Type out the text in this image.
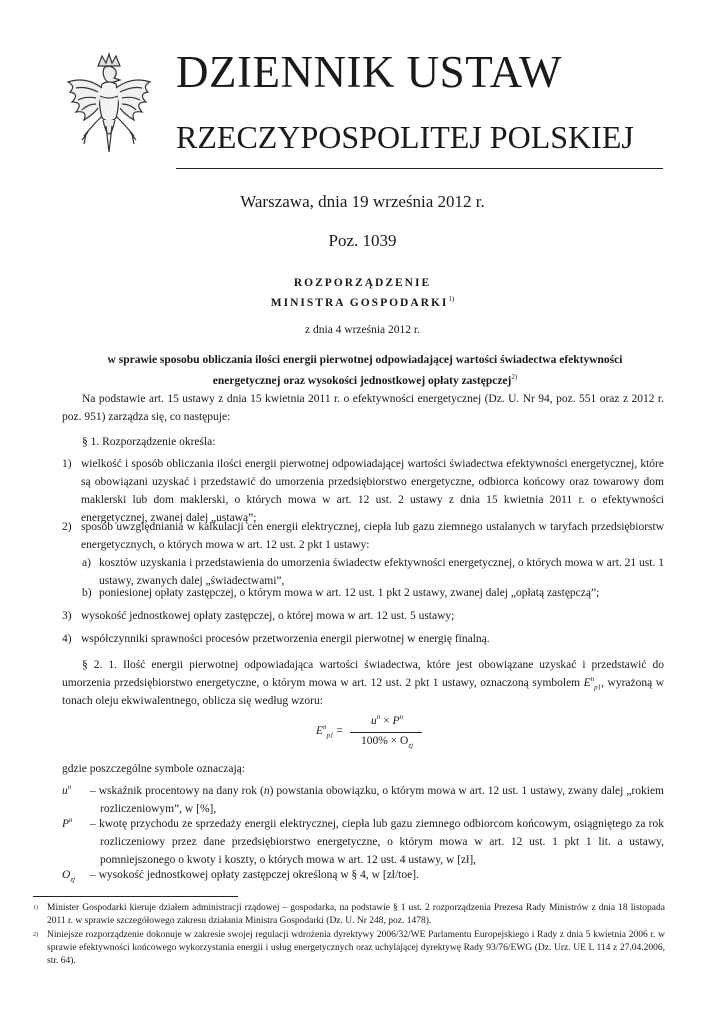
DZIENNIK USTAW
RZECZYPOSPOLITEJ POLSKIEJ
Warszawa, dnia 19 września 2012 r.
Poz. 1039
ROZPORZĄDZENIE
MINISTRA GOSPODARKI$^{1)}$
z dnia 4 września 2012 r.
w sprawie sposobu obliczania ilości energii pierwotnej odpowiadającej wartości świadectwa efektywności
energetycznej oraz wysokości jednostkowej opłaty zastępczej$^{2)}$
Na podstawie art. 15 ustawy z dnia 15 kwietnia 2011 r. o efektywności energetycznej (Dz. U. Nr 94, poz. 551 oraz z 2012 r. poz. 951) zarządza się, co następuje:
§ 1. Rozporządzenie określa:
1) wielkość i sposób obliczania ilości energii pierwotnej odpowiadającej wartości świadectwa efektywności energetycznej, które są obowiązani uzyskać i przedstawić do umorzenia przedsiębiorstwo energetyczne, odbiorca końcowy oraz towarowy dom maklerski lub dom maklerski, o których mowa w art. 12 ust. 2 ustawy z dnia 15 kwietnia 2011 r. o efektywności energetycznej, zwanej dalej „ustawą”;
2) sposób uwzględniania w kalkulacji cen energii elektrycznej, ciepła lub gazu ziemnego ustalanych w taryfach przedsiębiorstw energetycznych, o których mowa w art. 12 ust. 2 pkt 1 ustawy:
a) kosztów uzyskania i przedstawienia do umorzenia świadectw efektywności energetycznej, o których mowa w art. 21 ust. 1 ustawy, zwanych dalej „świadectwami”,
b) poniesionej opłaty zastępczej, o którym mowa w art. 12 ust. 1 pkt 2 ustawy, zwanej dalej „opłatą zastępczą”;
3) wysokość jednostkowej opłaty zastępczej, o której mowa w art. 12 ust. 5 ustawy;
4) współczynniki sprawności procesów przetworzenia energii pierwotnej w energię finalną.
§ 2. 1. Ilość energii pierwotnej odpowiadająca wartości świadectwa, które jest obowiązane uzyskać i przedstawić do umorzenia przedsiębiorstwo energetyczne, o którym mowa w art. 12 ust. 2 pkt 1 ustawy, oznaczoną symbolem $E^n_{p1}$, wyrażoną w tonach oleju ekwiwalentnego, oblicza się według wzoru:
$E^n_{p1}$ =
$u^n \times P^n$
$100\% \times O_{zj}$
gdzie poszczególne symbole oznaczają:
$u^n$ – wskaźnik procentowy na dany rok (n) powstania obowiązku, o którym mowa w art. 12 ust. 1 ustawy, zwany dalej „rokiem rozliczeniowym”, w [%],
$P^n$ – kwotę przychodu ze sprzedaży energii elektrycznej, ciepła lub gazu ziemnego odbiorcom końcowym, osiągniętego za rok rozliczeniowy przez dane przedsiębiorstwo energetyczne, o którym mowa w art. 12 ust. 1 pkt 1 lit. a ustawy, pomniejszonego o kwoty i koszty, o których mowa w art. 12 ust. 4 ustawy, w [zł],
$O_{zj}$ – wysokość jednostkowej opłaty zastępczej określoną w § 4, w [zł/toe].
1) Minister Gospodarki kieruje działem administracji rządowej – gospodarka, na podstawie § 1 ust. 2 rozporządzenia Prezesa Rady Ministrów z dnia 18 listopada 2011 r. w sprawie szczegółowego zakresu działania Ministra Gospodarki (Dz. U. Nr 248, poz. 1478).
2) Niniejsze rozporządzenie dokonuje w zakresie swojej regulacji wdrożenia dyrektywy 2006/32/WE Parlamentu Europejskiego i Rady z dnia 5 kwietnia 2006 r. w sprawie efektywności końcowego wykorzystania energii i usług energetycznych oraz uchylającej dyrektywę Rady 93/76/EWG (Dz. Urz. UE L 114 z 27.04.2006, str. 64).
